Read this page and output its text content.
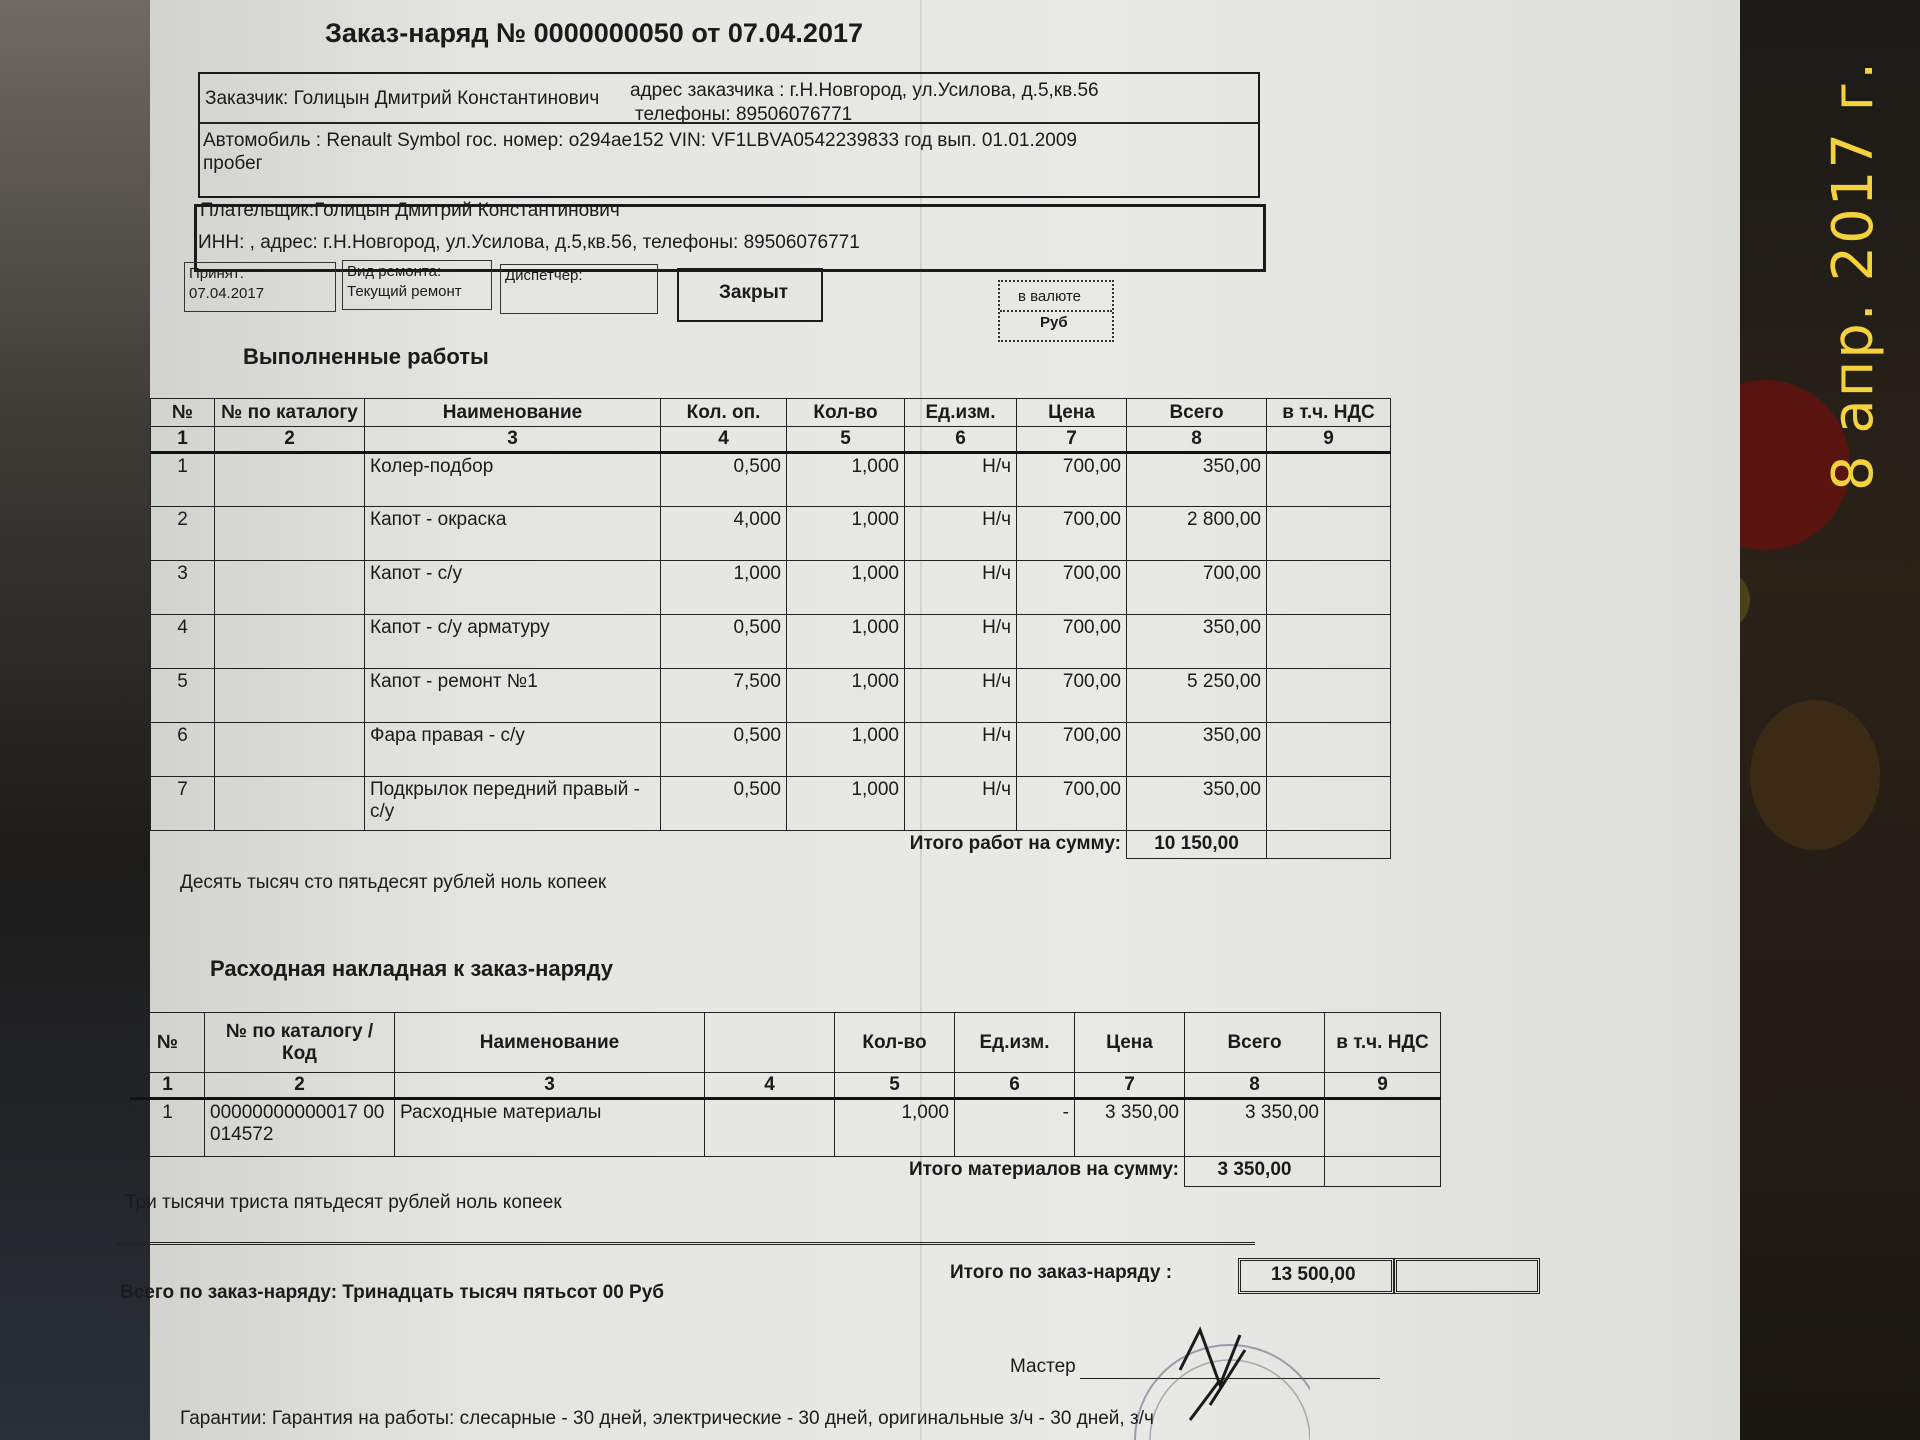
8 апр. 2017 г.
Заказ-наряд № 0000000050 от 07.04.2017
Заказчик: Голицын Дмитрий Константинович адрес заказчика : г.Н.Новгород, ул.Усилова, д.5,кв.56
телефоны: 89506076771
Автомобиль : Renault Symbol гос. номер: о294ае152 VIN: VF1LBVA0542239833 год вып. 01.01.2009
пробег
Плательщик:Голицын Дмитрий Константинович
ИНН: , адрес: г.Н.Новгород, ул.Усилова, д.5,кв.56, телефоны: 89506076771
Принят:
07.04.2017
Вид ремонта:
Текущий ремонт
Диспетчер:
Закрыт	в валюте
Руб
Выполненные работы
№	№ по каталогу	Наименование	Кол. оп.	Кол-во	Ед.изм.	Цена	Всего	в т.ч. НДС
1	2	3	4	5	6	7	8	9
1		Колер-подбор	0,500	1,000	Н/ч	700,00	350,00	
2		Капот - окраска	4,000	1,000	Н/ч	700,00	2 800,00	
3		Капот - с/у	1,000	1,000	Н/ч	700,00	700,00	
4		Капот - с/у арматуру	0,500	1,000	Н/ч	700,00	350,00	
5		Капот - ремонт №1	7,500	1,000	Н/ч	700,00	5 250,00	
6		Фара правая - с/у	0,500	1,000	Н/ч	700,00	350,00	
7		Подкрылок передний правый - с/у	0,500	1,000	Н/ч	700,00	350,00	
Итого работ на сумму:							10 150,00	
Десять тысяч сто пятьдесят рублей ноль копеек
Расходная накладная к заказ-наряду
№	№ по каталогу / Код	Наименование		Кол-во	Ед.изм.	Цена	Всего	в т.ч. НДС
1	2	3	4	5	6	7	8	9
1	00000000000017 00014572	Расходные материалы		1,000	-	3 350,00	3 350,00	
Итого материалов на сумму:							3 350,00	
Три тысячи триста пятьдесят рублей ноль копеек
Итого по заказ-наряду :	13 500,00
Всего по заказ-наряду: Тринадцать тысяч пятьсот 00 Руб
Мастер
Гарантии: Гарантия на работы: слесарные - 30 дней, электрические - 30 дней, оригинальные з/ч - 30 дней, з/ч
